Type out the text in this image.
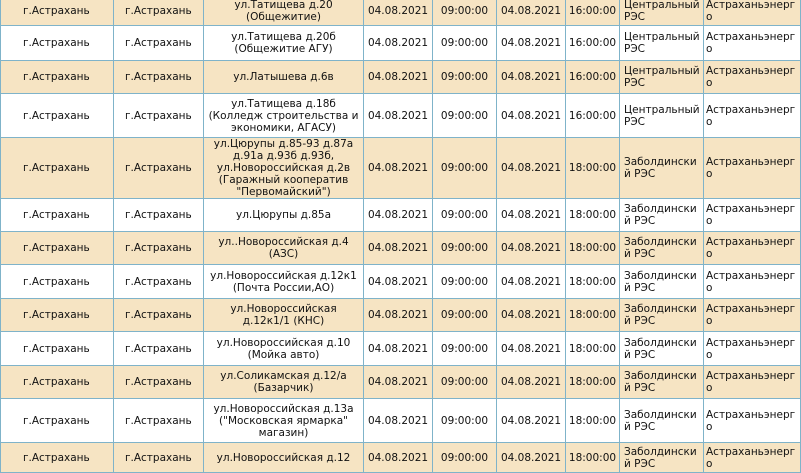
г.Астрахань	г.Астрахань	ул.Татищева д.20 (Общежитие)	04.08.2021	09:00:00	04.08.2021	16:00:00	Центральный РЭС	Астраханьэнерго
г.Астрахань	г.Астрахань	ул.Татищева д.20б (Общежитие АГУ)	04.08.2021	09:00:00	04.08.2021	16:00:00	Центральный РЭС	Астраханьэнерго
г.Астрахань	г.Астрахань	ул.Латышева д.6в	04.08.2021	09:00:00	04.08.2021	16:00:00	Центральный РЭС	Астраханьэнерго
г.Астрахань	г.Астрахань	ул.Татищева д.18б (Колледж строительства и экономики, АГАСУ)	04.08.2021	09:00:00	04.08.2021	16:00:00	Центральный РЭС	Астраханьэнерго
г.Астрахань	г.Астрахань	ул.Цюрупы д.85-93 д.87а д.91а д.93б д.93б, ул.Новороссийская д.2в (Гаражный кооператив "Первомайский")	04.08.2021	09:00:00	04.08.2021	18:00:00	Заболдинский РЭС	Астраханьэнерго
г.Астрахань	г.Астрахань	ул.Цюрупы д.85а	04.08.2021	09:00:00	04.08.2021	18:00:00	Заболдинский РЭС	Астраханьэнерго
г.Астрахань	г.Астрахань	ул..Новороссийская д.4 (АЗС)	04.08.2021	09:00:00	04.08.2021	18:00:00	Заболдинский РЭС	Астраханьэнерго
г.Астрахань	г.Астрахань	ул.Новороссийская д.12к1 (Почта России,АО)	04.08.2021	09:00:00	04.08.2021	18:00:00	Заболдинский РЭС	Астраханьэнерго
г.Астрахань	г.Астрахань	ул.Новороссийская д.12к1/1 (КНС)	04.08.2021	09:00:00	04.08.2021	18:00:00	Заболдинский РЭС	Астраханьэнерго
г.Астрахань	г.Астрахань	ул.Новороссийская д.10 (Мойка авто)	04.08.2021	09:00:00	04.08.2021	18:00:00	Заболдинский РЭС	Астраханьэнерго
г.Астрахань	г.Астрахань	ул.Соликамская д.12/а (Базарчик)	04.08.2021	09:00:00	04.08.2021	18:00:00	Заболдинский РЭС	Астраханьэнерго
г.Астрахань	г.Астрахань	ул.Новороссийская д.13а ("Московская ярмарка" магазин)	04.08.2021	09:00:00	04.08.2021	18:00:00	Заболдинский РЭС	Астраханьэнерго
г.Астрахань	г.Астрахань	ул.Новороссийская д.12	04.08.2021	09:00:00	04.08.2021	18:00:00	Заболдинский РЭС	Астраханьэнерго
